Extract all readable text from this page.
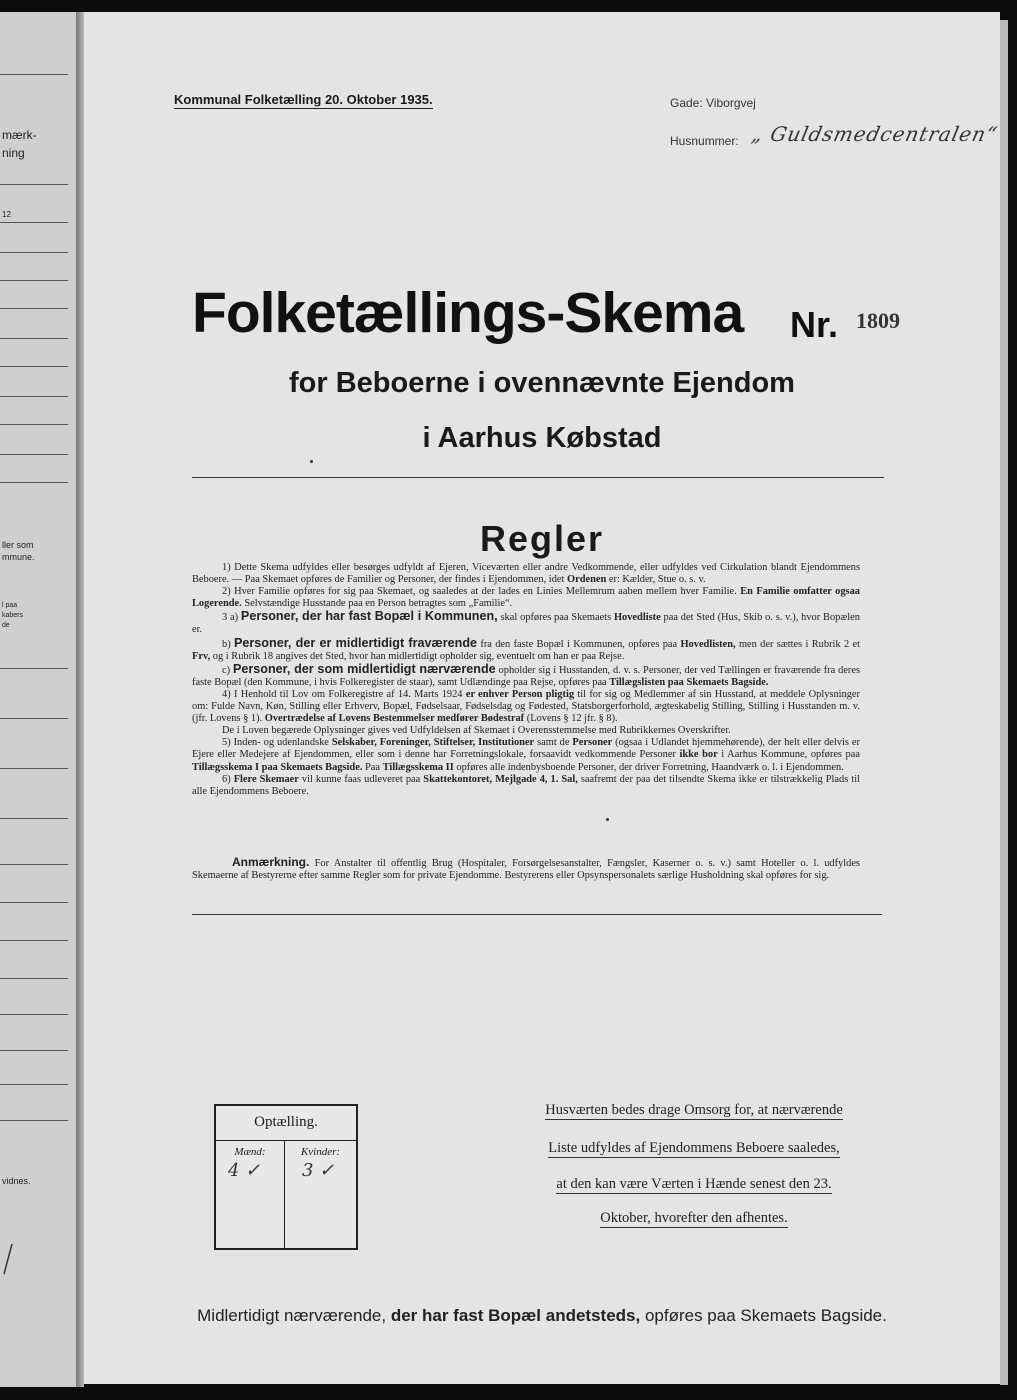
mærk-
ning
12
ller som
mmune.
l paa
kabers
de
vidnes.
Kommunal Folketælling 20. Oktober 1935.	Gade: Viborgvej
Husnummer: „ Guldsmedcentralen“
Folketællings-Skema Nr. 1809
for Beboerne i ovennævnte Ejendom
i Aarhus Købstad
Regler

1) Dette Skema udfyldes eller besørges udfyldt af Ejeren, Viceværten eller andre Vedkommende, eller udfyldes ved Cirkulation blandt Ejendommens Beboere. — Paa Skemaet opføres de Familier og Personer, der findes i Ejendommen, idet Ordenen er: Kælder, Stue o. s. v.

2) Hver Familie opføres for sig paa Skemaet, og saaledes at der lades en Linies Mellemrum aaben mellem hver Familie. En Familie omfatter ogsaa Logerende. Selvstændige Husstande paa en Person betragtes som „Familie“.

3 a) Personer, der har fast Bopæl i Kommunen, skal opføres paa Skemaets Hovedliste paa det Sted (Hus, Skib o. s. v.), hvor Bopælen er.

b) Personer, der er midlertidigt fraværende fra den faste Bopæl i Kommunen, opføres paa Hovedlisten, men der sættes i Rubrik 2 et Frv, og i Rubrik 18 angives det Sted, hvor han midlertidigt opholder sig, eventuelt om han er paa Rejse.

c) Personer, der som midlertidigt nærværende opholder sig i Husstanden, d. v. s. Personer, der ved Tællingen er fraværende fra deres faste Bopæl (den Kommune, i hvis Folkeregister de staar), samt Udlændinge paa Rejse, opføres paa Tillægslisten paa Skemaets Bagside.

4) I Henhold til Lov om Folkeregistre af 14. Marts 1924 er enhver Person pligtig til for sig og Medlemmer af sin Husstand, at meddele Oplysninger om: Fulde Navn, Køn, Stilling eller Erhverv, Bopæl, Fødselsaar, Fødselsdag og Fødested, Statsborgerforhold, ægteskabelig Stilling, Stilling i Husstanden m. v. (jfr. Lovens § 1). Overtrædelse af Lovens Bestemmelser medfører Bødestraf (Lovens § 12 jfr. § 8).

De i Loven begærede Oplysninger gives ved Udfyldelsen af Skemaet i Overensstemmelse med Rubrikkernes Overskrifter.

5) Inden- og udenlandske Selskaber, Foreninger, Stiftelser, Institutioner samt de Personer (ogsaa i Udlandet hjemmehørende), der helt eller delvis er Ejere eller Medejere af Ejendommen, eller som i denne har Forretningslokale, forsaavidt vedkommende Personer ikke bor i Aarhus Kommune, opføres paa Tillægsskema I paa Skemaets Bagside. Paa Tillægsskema II opføres alle indenbysboende Personer, der driver Forretning, Haandværk o. l. i Ejendommen.

6) Flere Skemaer vil kunne faas udleveret paa Skattekontoret, Mejlgade 4, 1. Sal, saafremt der paa det tilsendte Skema ikke er tilstrækkelig Plads til alle Ejendommens Beboere.

Anmærkning. For Anstalter til offentlig Brug (Hospitaler, Forsørgelsesanstalter, Fængsler, Kaserner o. s. v.) samt Hoteller o. l. udfyldes Skemaerne af Bestyrerne efter samme Regler som for private Ejendomme. Bestyrerens eller Opsynspersonalets særlige Husholdning skal opføres for sig.
Optælling.
Mænd:	Kvinder:
4 ✓ 3 ✓
Husværten bedes drage Omsorg for, at nærværende
Liste udfyldes af Ejendommens Beboere saaledes,
at den kan være Værten i Hænde senest den 23.
Oktober, hvorefter den afhentes.
Midlertidigt nærværende, der har fast Bopæl andetsteds, opføres paa Skemaets Bagside.
